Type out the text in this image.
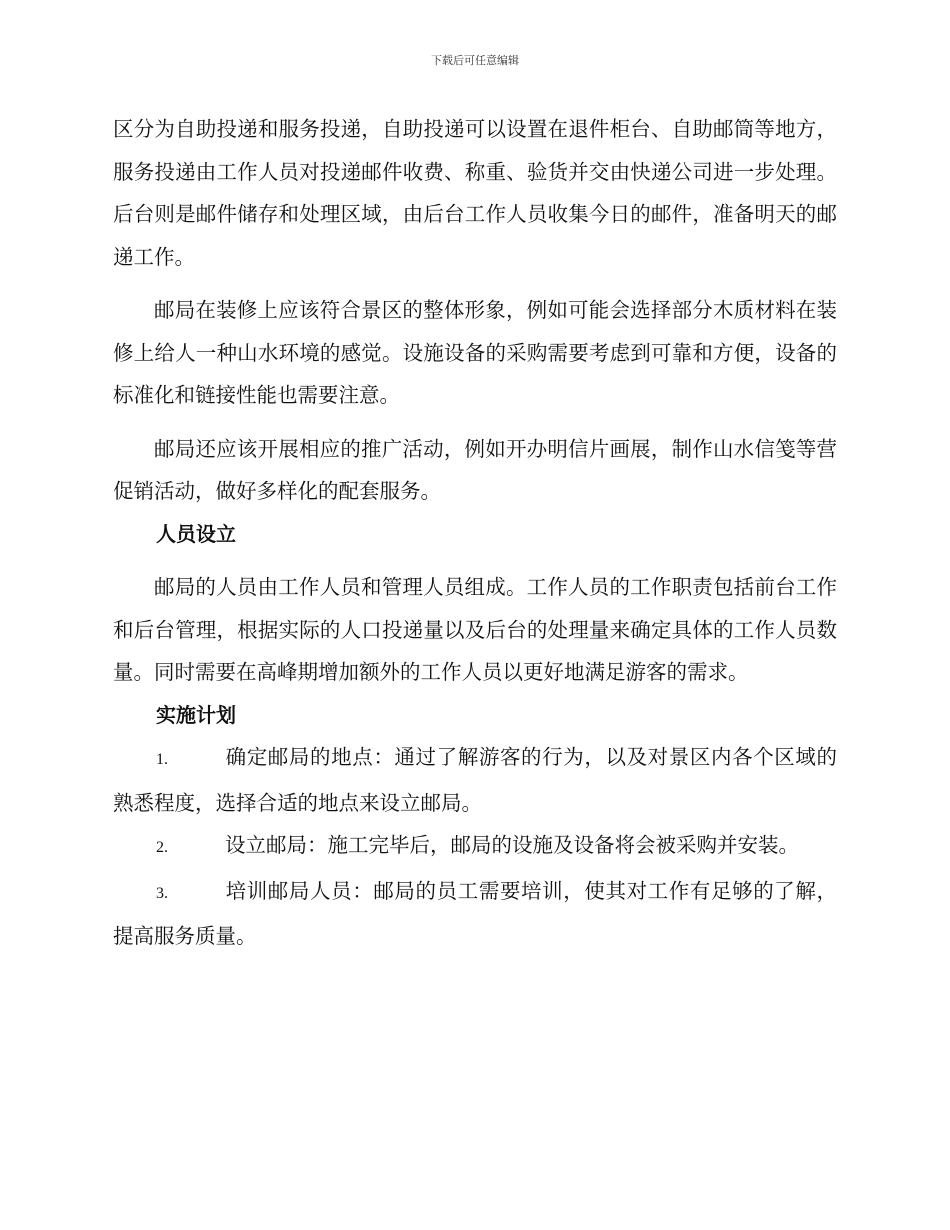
下载后可任意编辑

区分为自助投递和服务投递，自助投递可以设置在退件柜台、自助邮筒等地方，服务投递由工作人员对投递邮件收费、称重、验货并交由快递公司进一步处理。后台则是邮件储存和处理区域，由后台工作人员收集今日的邮件，准备明天的邮递工作。

邮局在装修上应该符合景区的整体形象，例如可能会选择部分木质材料在装修上给人一种山水环境的感觉。设施设备的采购需要考虑到可靠和方便，设备的标准化和链接性能也需要注意。

邮局还应该开展相应的推广活动，例如开办明信片画展，制作山水信笺等营促销活动，做好多样化的配套服务。

人员设立

邮局的人员由工作人员和管理人员组成。工作人员的工作职责包括前台工作和后台管理，根据实际的人口投递量以及后台的处理量来确定具体的工作人员数量。同时需要在高峰期增加额外的工作人员以更好地满足游客的需求。

实施计划

1.	确定邮局的地点：通过了解游客的行为，以及对景区内各个区域的熟悉程度，选择合适的地点来设立邮局。

2.	设立邮局：施工完毕后，邮局的设施及设备将会被采购并安装。

3.	培训邮局人员：邮局的员工需要培训，使其对工作有足够的了解，提高服务质量。
